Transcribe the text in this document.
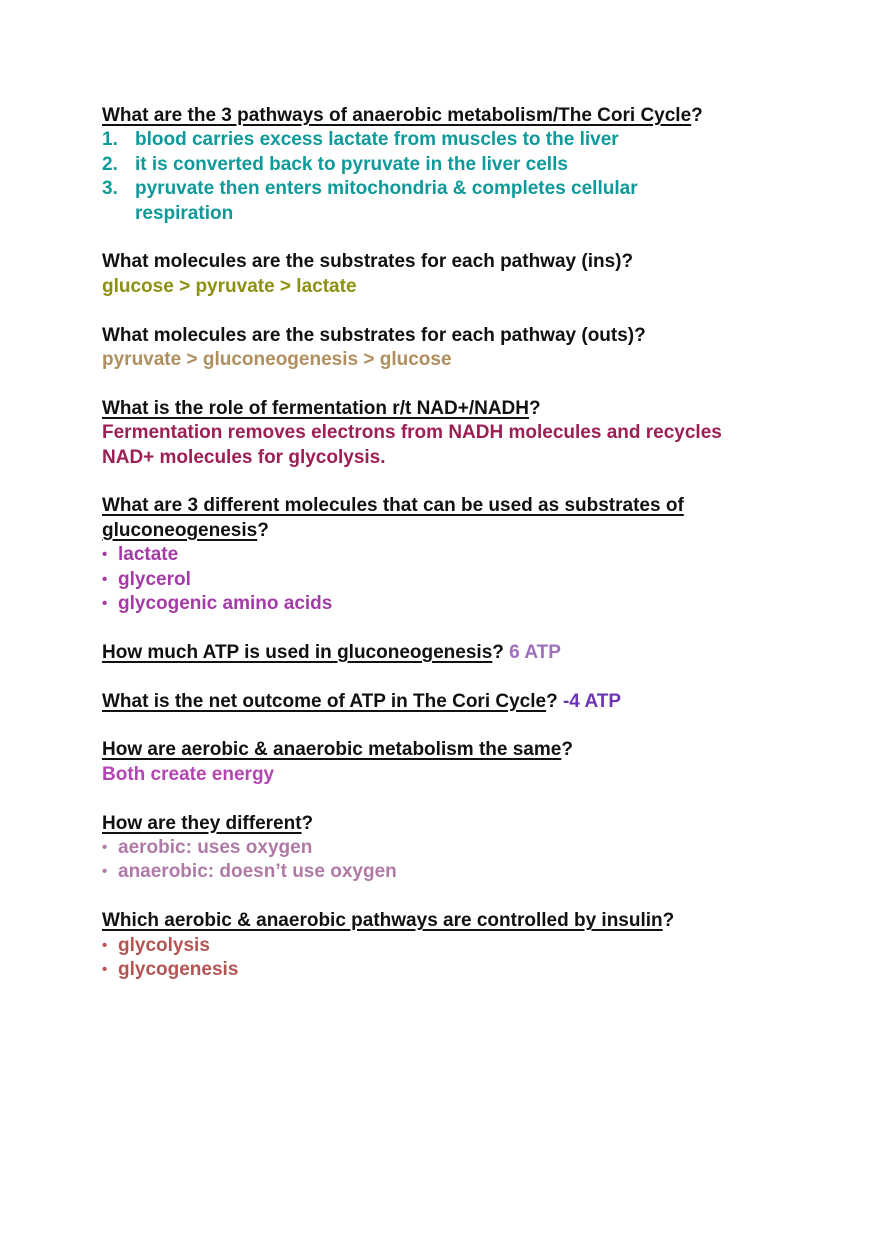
What are the 3 pathways of anaerobic metabolism/The Cori Cycle?
1. blood carries excess lactate from muscles to the liver
2. it is converted back to pyruvate in the liver cells
3. pyruvate then enters mitochondria & completes cellular respiration
What molecules are the substrates for each pathway (ins)?
glucose > pyruvate > lactate
What molecules are the substrates for each pathway (outs)?
pyruvate > gluconeogenesis > glucose
What is the role of fermentation r/t NAD+/NADH?
Fermentation removes electrons from NADH molecules and recycles NAD+ molecules for glycolysis.
What are 3 different molecules that can be used as substrates of gluconeogenesis?
• lactate
• glycerol
• glycogenic amino acids
How much ATP is used in gluconeogenesis? 6 ATP
What is the net outcome of ATP in The Cori Cycle? -4 ATP
How are aerobic & anaerobic metabolism the same?
Both create energy
How are they different?
• aerobic: uses oxygen
• anaerobic: doesn’t use oxygen
Which aerobic & anaerobic pathways are controlled by insulin?
• glycolysis
• glycogenesis
